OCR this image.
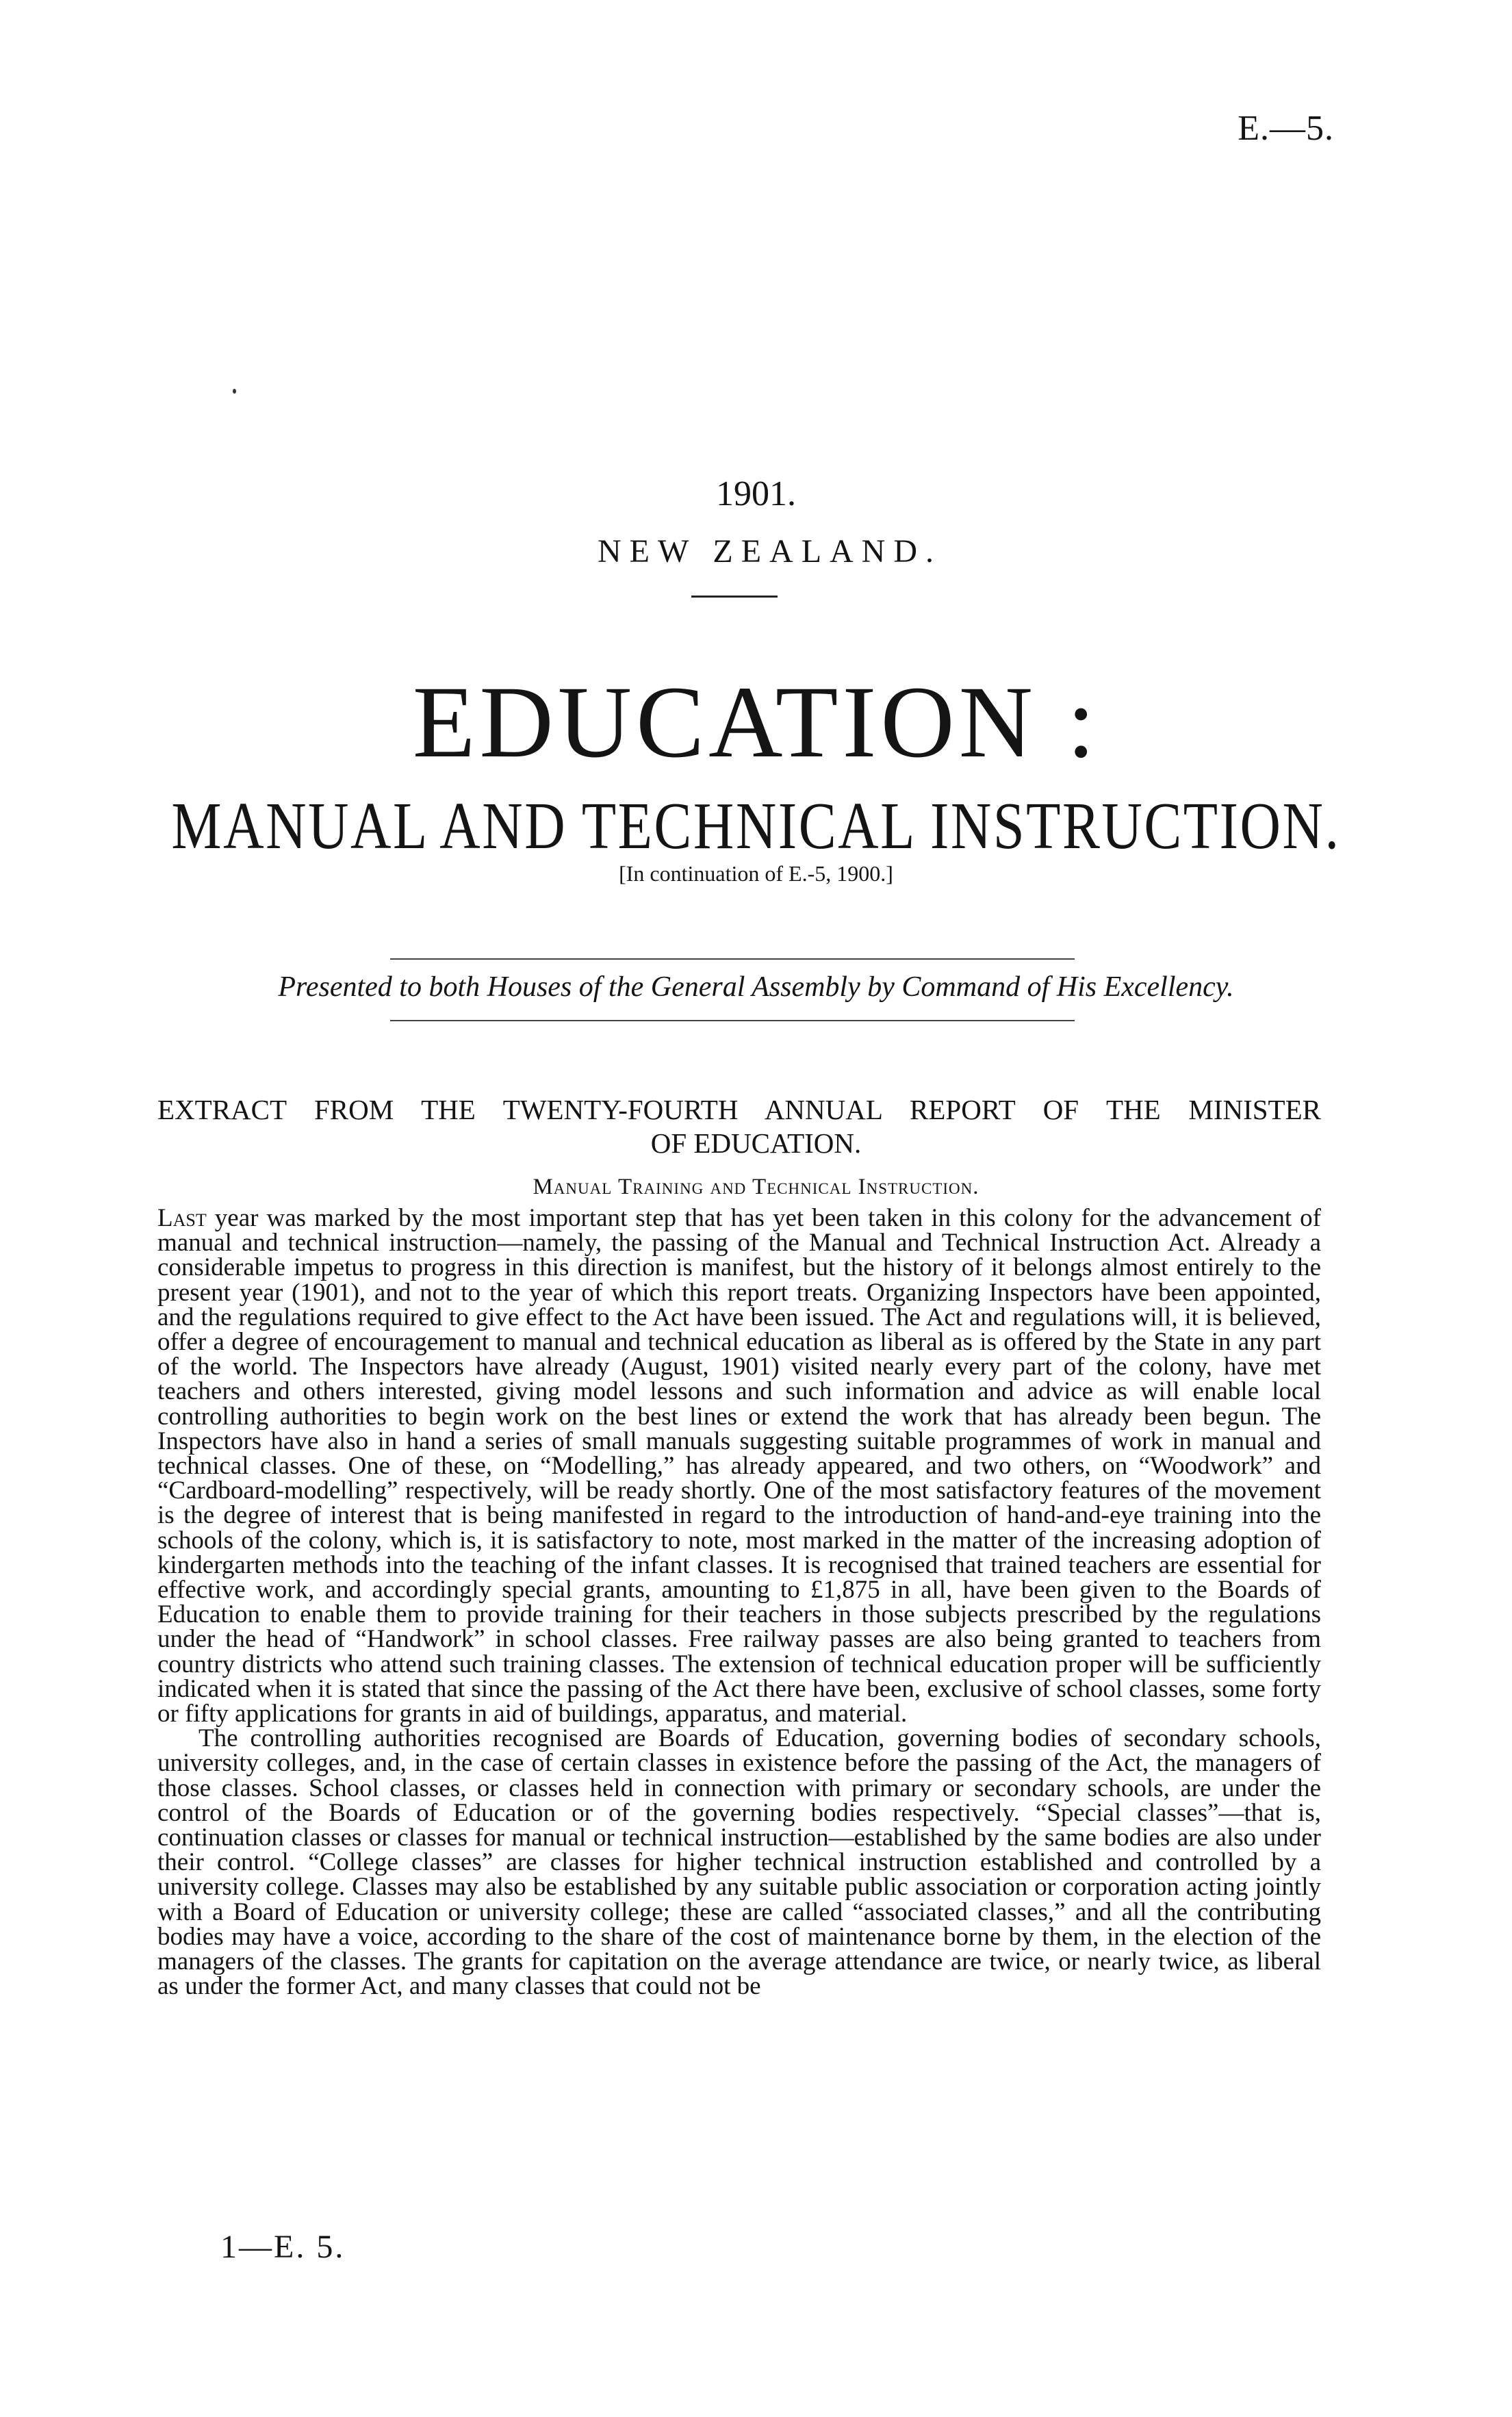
E.—5.
1901.
NEW ZEALAND.
EDUCATION :
MANUAL AND TECHNICAL INSTRUCTION.
[In continuation of E.-5, 1900.]
Presented to both Houses of the General Assembly by Command of His Excellency.
EXTRACT FROM THE TWENTY-FOURTH ANNUAL REPORT OF THE MINISTER
OF EDUCATION.
Manual Training and Technical Instruction.

Last year was marked by the most important step that has yet been taken in this colony for the advancement of manual and technical instruction—namely, the passing of the Manual and Technical Instruction Act. Already a considerable impetus to progress in this direction is manifest, but the history of it belongs almost entirely to the present year (1901), and not to the year of which this report treats. Organizing Inspectors have been appointed, and the regulations required to give effect to the Act have been issued. The Act and regulations will, it is believed, offer a degree of encouragement to manual and technical education as liberal as is offered by the State in any part of the world. The Inspectors have already (August, 1901) visited nearly every part of the colony, have met teachers and others interested, giving model lessons and such information and advice as will enable local controlling authorities to begin work on the best lines or extend the work that has already been begun. The Inspectors have also in hand a series of small manuals suggesting suitable programmes of work in manual and technical classes. One of these, on “Modelling,” has already appeared, and two others, on “Woodwork” and “Cardboard-modelling” respectively, will be ready shortly. One of the most satisfactory features of the movement is the degree of interest that is being manifested in regard to the introduction of hand-and-eye training into the schools of the colony, which is, it is satisfactory to note, most marked in the matter of the increasing adoption of kindergarten methods into the teaching of the infant classes. It is recognised that trained teachers are essential for effective work, and accordingly special grants, amounting to £1,875 in all, have been given to the Boards of Education to enable them to provide training for their teachers in those subjects prescribed by the regulations under the head of “Handwork” in school classes. Free railway passes are also being granted to teachers from country districts who attend such training classes. The extension of technical education proper will be sufficiently indicated when it is stated that since the passing of the Act there have been, exclusive of school classes, some forty or fifty applications for grants in aid of buildings, apparatus, and material.

The controlling authorities recognised are Boards of Education, governing bodies of secondary schools, university colleges, and, in the case of certain classes in existence before the passing of the Act, the managers of those classes. School classes, or classes held in connection with primary or secondary schools, are under the control of the Boards of Education or of the governing bodies respectively. “Special classes”—that is, continuation classes or classes for manual or technical instruction—established by the same bodies are also under their control. “College classes” are classes for higher technical instruction established and controlled by a university college. Classes may also be established by any suitable public association or corporation acting jointly with a Board of Education or university college; these are called “associated classes,” and all the contributing bodies may have a voice, according to the share of the cost of maintenance borne by them, in the election of the managers of the classes. The grants for capitation on the average attendance are twice, or nearly twice, as liberal as under the former Act, and many classes that could not be

1—E. 5.
